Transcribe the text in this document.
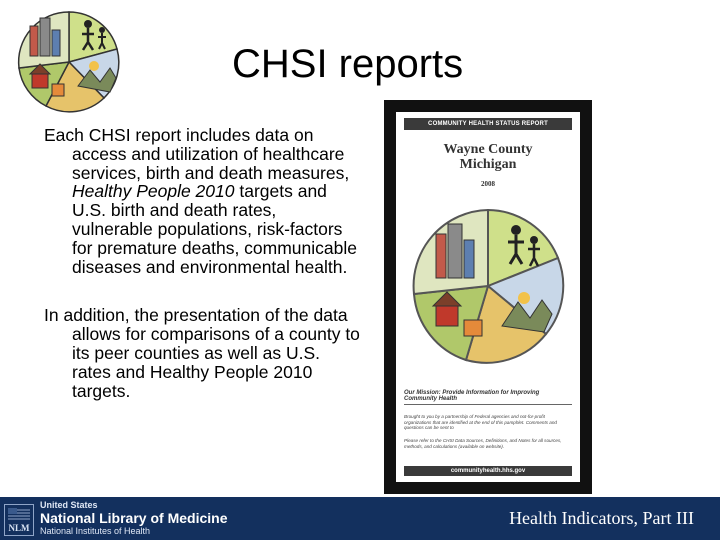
CHSI reports

Each CHSI report includes data on access and utilization of healthcare services, birth and death measures, Healthy People 2010 targets and U.S. birth and death rates, vulnerable populations, risk-factors for premature deaths, communicable diseases and environmental health.

In addition, the presentation of the data allows for comparisons of a county to its peer counties as well as U.S. rates and Healthy People 2010 targets.

COMMUNITY HEALTH STATUS REPORT
Wayne County
Michigan
2008
Our Mission: Provide Information for Improving Community Health
Brought to you by a partnership of Federal agencies and not-for-profit organizations that are identified at the end of this pamphlet. Comments and questions can be sent to
Please refer to the CHSI Data Sources, Definitions, and Notes for all sources, methods, and calculations (available on website).
communityhealth.hhs.gov
NLM
United States
National Library of Medicine
National Institutes of Health
Health Indicators, Part III
